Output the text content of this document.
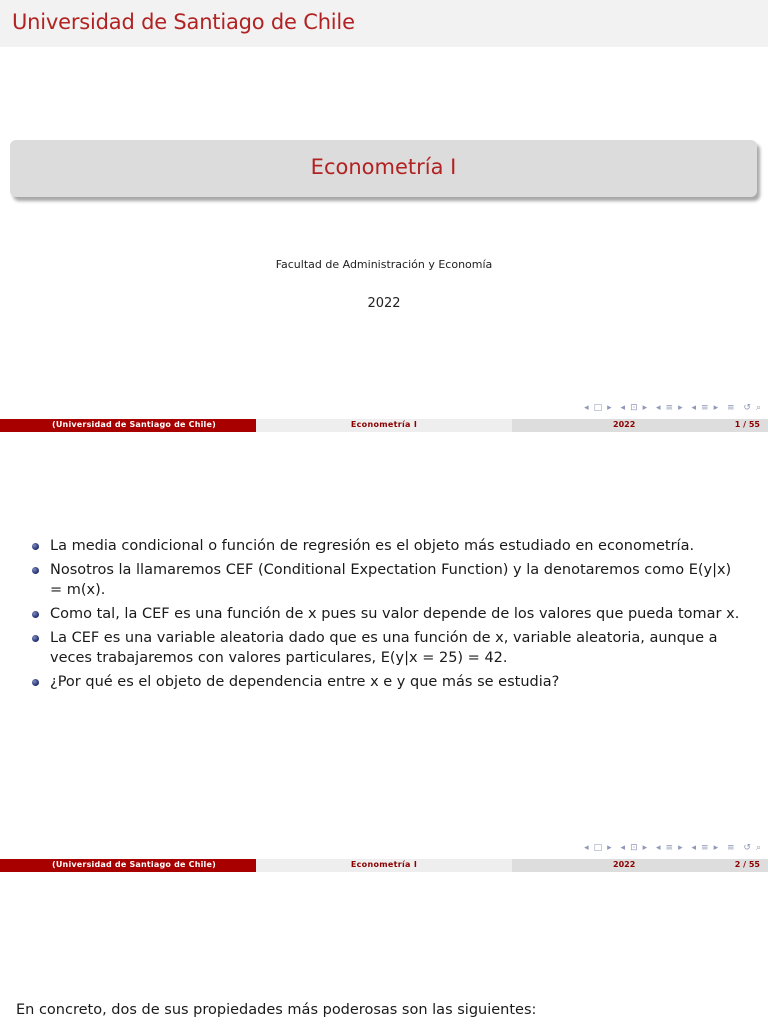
Universidad de Santiago de Chile
Econometría I
Facultad de Administración y Economía
2022
◂ □ ▸ ◂ ⊡ ▸ ◂ ≡ ▸ ◂ ≡ ▸ ≡ ↺ ⌕
(Universidad de Santiago de Chile)	Econometría I	2022	1 / 55
La media condicional o función de regresión es el objeto más estudiado en econometría.
Nosotros la llamaremos CEF (Conditional Expectation Function) y la denotaremos como E(y|x) = m(x).
Como tal, la CEF es una función de x pues su valor depende de los valores que pueda tomar x.
La CEF es una variable aleatoria dado que es una función de x, variable aleatoria, aunque a veces trabajaremos con valores particulares, E(y|x = 25) = 42.
¿Por qué es el objeto de dependencia entre x e y que más se estudia?
◂ □ ▸ ◂ ⊡ ▸ ◂ ≡ ▸ ◂ ≡ ▸ ≡ ↺ ⌕
(Universidad de Santiago de Chile)	Econometría I	2022	2 / 55
En concreto, dos de sus propiedades más poderosas son las siguientes:
